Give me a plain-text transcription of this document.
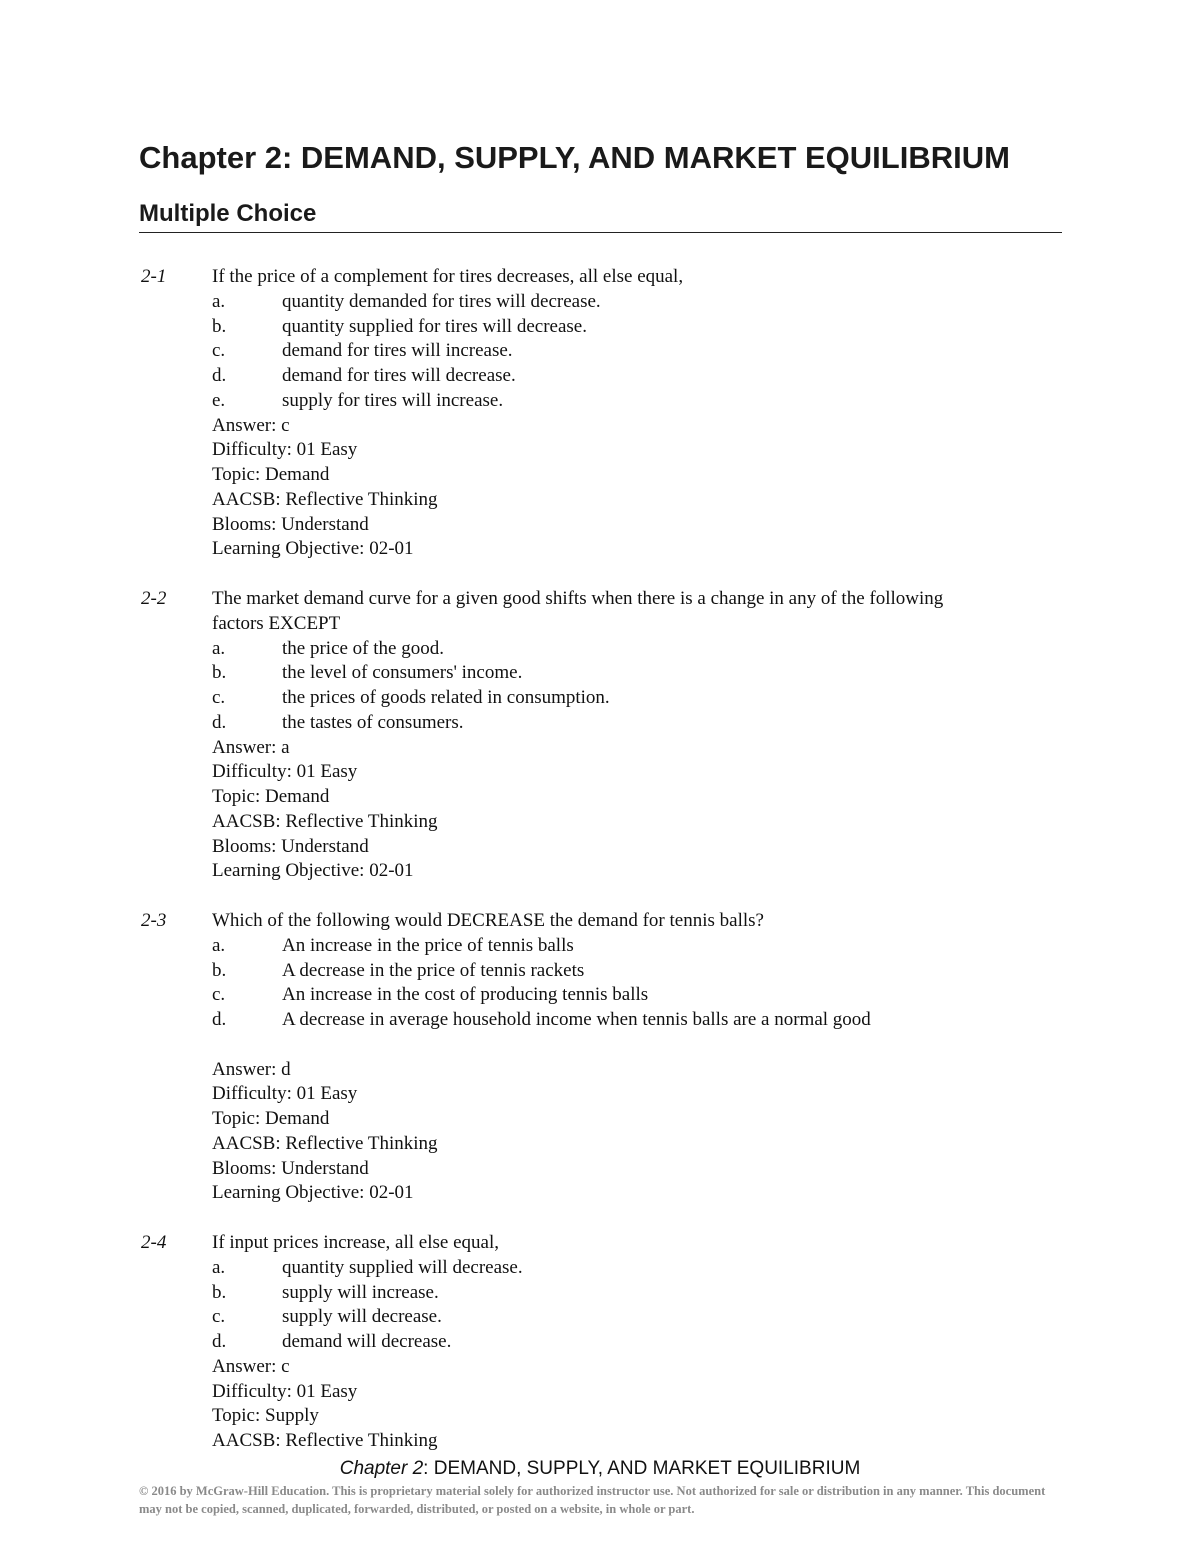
Chapter 2: DEMAND, SUPPLY, AND MARKET EQUILIBRIUM
Multiple Choice
2-1 If the price of a complement for tires decreases, all else equal,
a.	quantity demanded for tires will decrease.
b.	quantity supplied for tires will decrease.
c.	demand for tires will increase.
d.	demand for tires will decrease.
e.	supply for tires will increase.
Answer: c
Difficulty: 01 Easy
Topic: Demand
AACSB: Reflective Thinking
Blooms: Understand
Learning Objective: 02-01
2-2 The market demand curve for a given good shifts when there is a change in any of the following
factors EXCEPT
a.	the price of the good.
b.	the level of consumers' income.
c.	the prices of goods related in consumption.
d.	the tastes of consumers.
Answer: a
Difficulty: 01 Easy
Topic: Demand
AACSB: Reflective Thinking
Blooms: Understand
Learning Objective: 02-01
2-3 Which of the following would DECREASE the demand for tennis balls?
a.	An increase in the price of tennis balls
b.	A decrease in the price of tennis rackets
c.	An increase in the cost of producing tennis balls
d.	A decrease in average household income when tennis balls are a normal good
Answer: d
Difficulty: 01 Easy
Topic: Demand
AACSB: Reflective Thinking
Blooms: Understand
Learning Objective: 02-01
2-4 If input prices increase, all else equal,
a.	quantity supplied will decrease.
b.	supply will increase.
c.	supply will decrease.
d.	demand will decrease.
Answer: c
Difficulty: 01 Easy
Topic: Supply
AACSB: Reflective Thinking
Chapter 2: DEMAND, SUPPLY, AND MARKET EQUILIBRIUM
© 2016 by McGraw-Hill Education. This is proprietary material solely for authorized instructor use. Not authorized for sale or distribution in any manner. This document may not be copied, scanned, duplicated, forwarded, distributed, or posted on a website, in whole or part.
